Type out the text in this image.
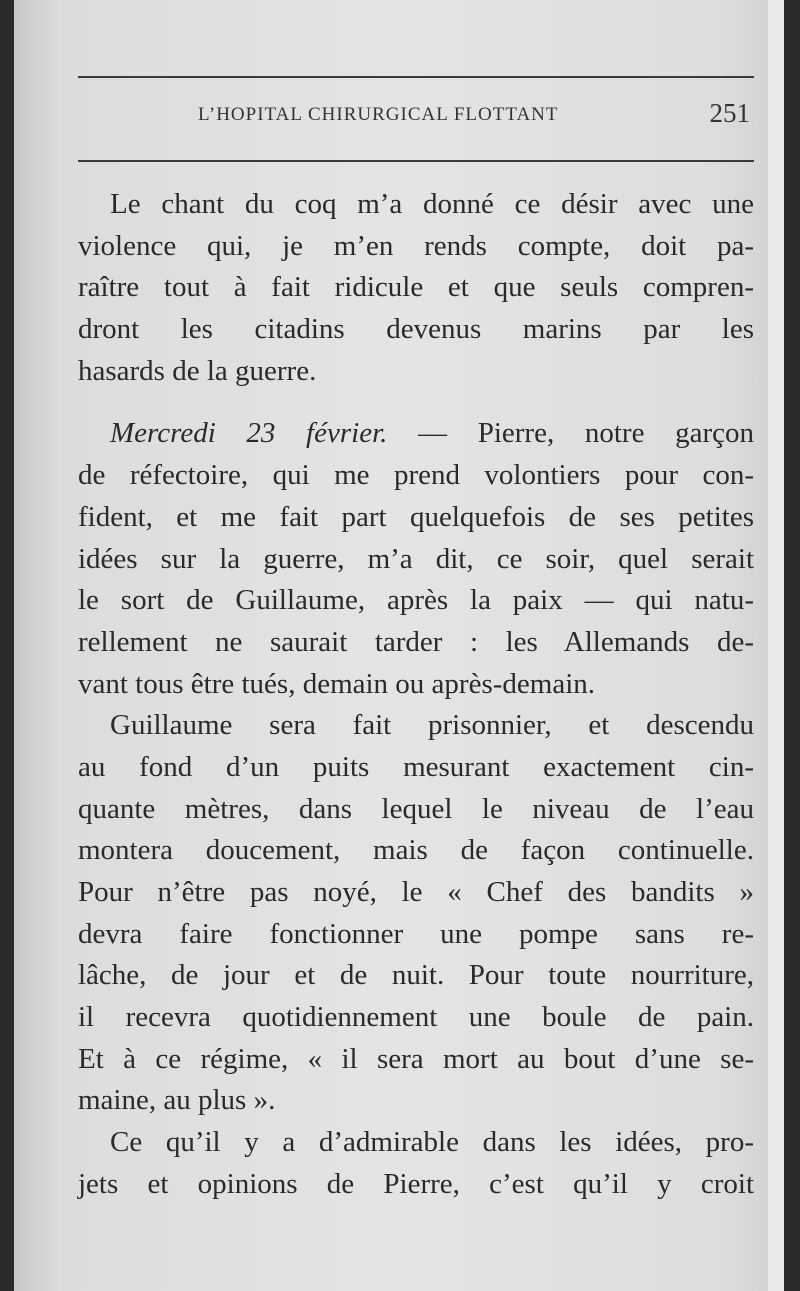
L’HOPITAL CHIRURGICAL FLOTTANT	251
Le chant du coq m’a donné ce désir avec une
violence qui, je m’en rends compte, doit pa-
raître tout à fait ridicule et que seuls compren-
dront les citadins devenus marins par les
hasards de la guerre.
Mercredi 23 février. — Pierre, notre garçon
de réfectoire, qui me prend volontiers pour con-
fident, et me fait part quelquefois de ses petites
idées sur la guerre, m’a dit, ce soir, quel serait
le sort de Guillaume, après la paix — qui natu-
rellement ne saurait tarder : les Allemands de-
vant tous être tués, demain ou après-demain.
Guillaume sera fait prisonnier, et descendu
au fond d’un puits mesurant exactement cin-
quante mètres, dans lequel le niveau de l’eau
montera doucement, mais de façon continuelle.
Pour n’être pas noyé, le « Chef des bandits »
devra faire fonctionner une pompe sans re-
lâche, de jour et de nuit. Pour toute nourriture,
il recevra quotidiennement une boule de pain.
Et à ce régime, « il sera mort au bout d’une se-
maine, au plus ».
Ce qu’il y a d’admirable dans les idées, pro-
jets et opinions de Pierre, c’est qu’il y croit
